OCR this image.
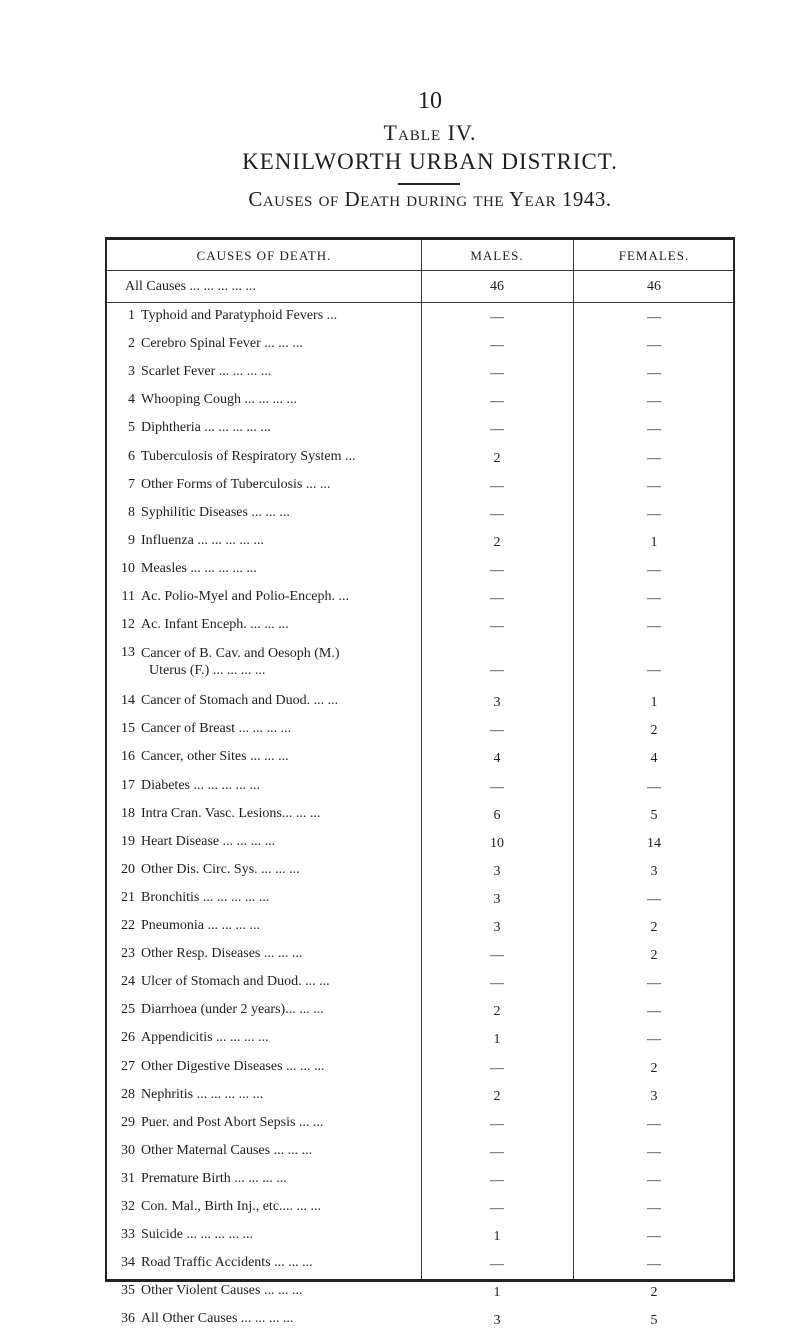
10
Table IV.
KENILWORTH URBAN DISTRICT.
Causes of Death during the Year 1943.
CAUSES OF DEATH.	MALES.	FEMALES.
All Causes ... ... ... ... ...	46	46
1 Typhoid and Paratyphoid Fevers ...	—	—
2 Cerebro Spinal Fever ... ... ...	—	—
3 Scarlet Fever ... ... ... ...	—	—
4 Whooping Cough ... ... ... ...	—	—
5 Diphtheria ... ... ... ... ...	—	—
6 Tuberculosis of Respiratory System ...	2	—
7 Other Forms of Tuberculosis ... ...	—	—
8 Syphilitic Diseases ... ... ...	—	—
9 Influenza ... ... ... ... ...	2	1
10 Measles ... ... ... ... ...	—	—
11 Ac. Polio-Myel and Polio-Enceph. ...	—	—
12 Ac. Infant Enceph. ... ... ...	—	—
13 Cancer of B. Cav. and Oesoph (M.)
Uterus (F.) ... ... ... ...	—	—
14 Cancer of Stomach and Duod. ... ...	3	1
15 Cancer of Breast ... ... ... ...	—	2
16 Cancer, other Sites ... ... ...	4	4
17 Diabetes ... ... ... ... ...	—	—
18 Intra Cran. Vasc. Lesions... ... ...	6	5
19 Heart Disease ... ... ... ...	10	14
20 Other Dis. Circ. Sys. ... ... ...	3	3
21 Bronchitis ... ... ... ... ...	3	—
22 Pneumonia ... ... ... ...	3	2
23 Other Resp. Diseases ... ... ...	—	2
24 Ulcer of Stomach and Duod. ... ...	—	—
25 Diarrhoea (under 2 years)... ... ...	2	—
26 Appendicitis ... ... ... ...	1	—
27 Other Digestive Diseases ... ... ...	—	2
28 Nephritis ... ... ... ... ...	2	3
29 Puer. and Post Abort Sepsis ... ...	—	—
30 Other Maternal Causes ... ... ...	—	—
31 Premature Birth ... ... ... ...	—	—
32 Con. Mal., Birth Inj., etc.... ... ...	—	—
33 Suicide ... ... ... ... ...	1	—
34 Road Traffic Accidents ... ... ...	—	—
35 Other Violent Causes ... ... ...	1	2
36 All Other Causes ... ... ... ...	3	5
